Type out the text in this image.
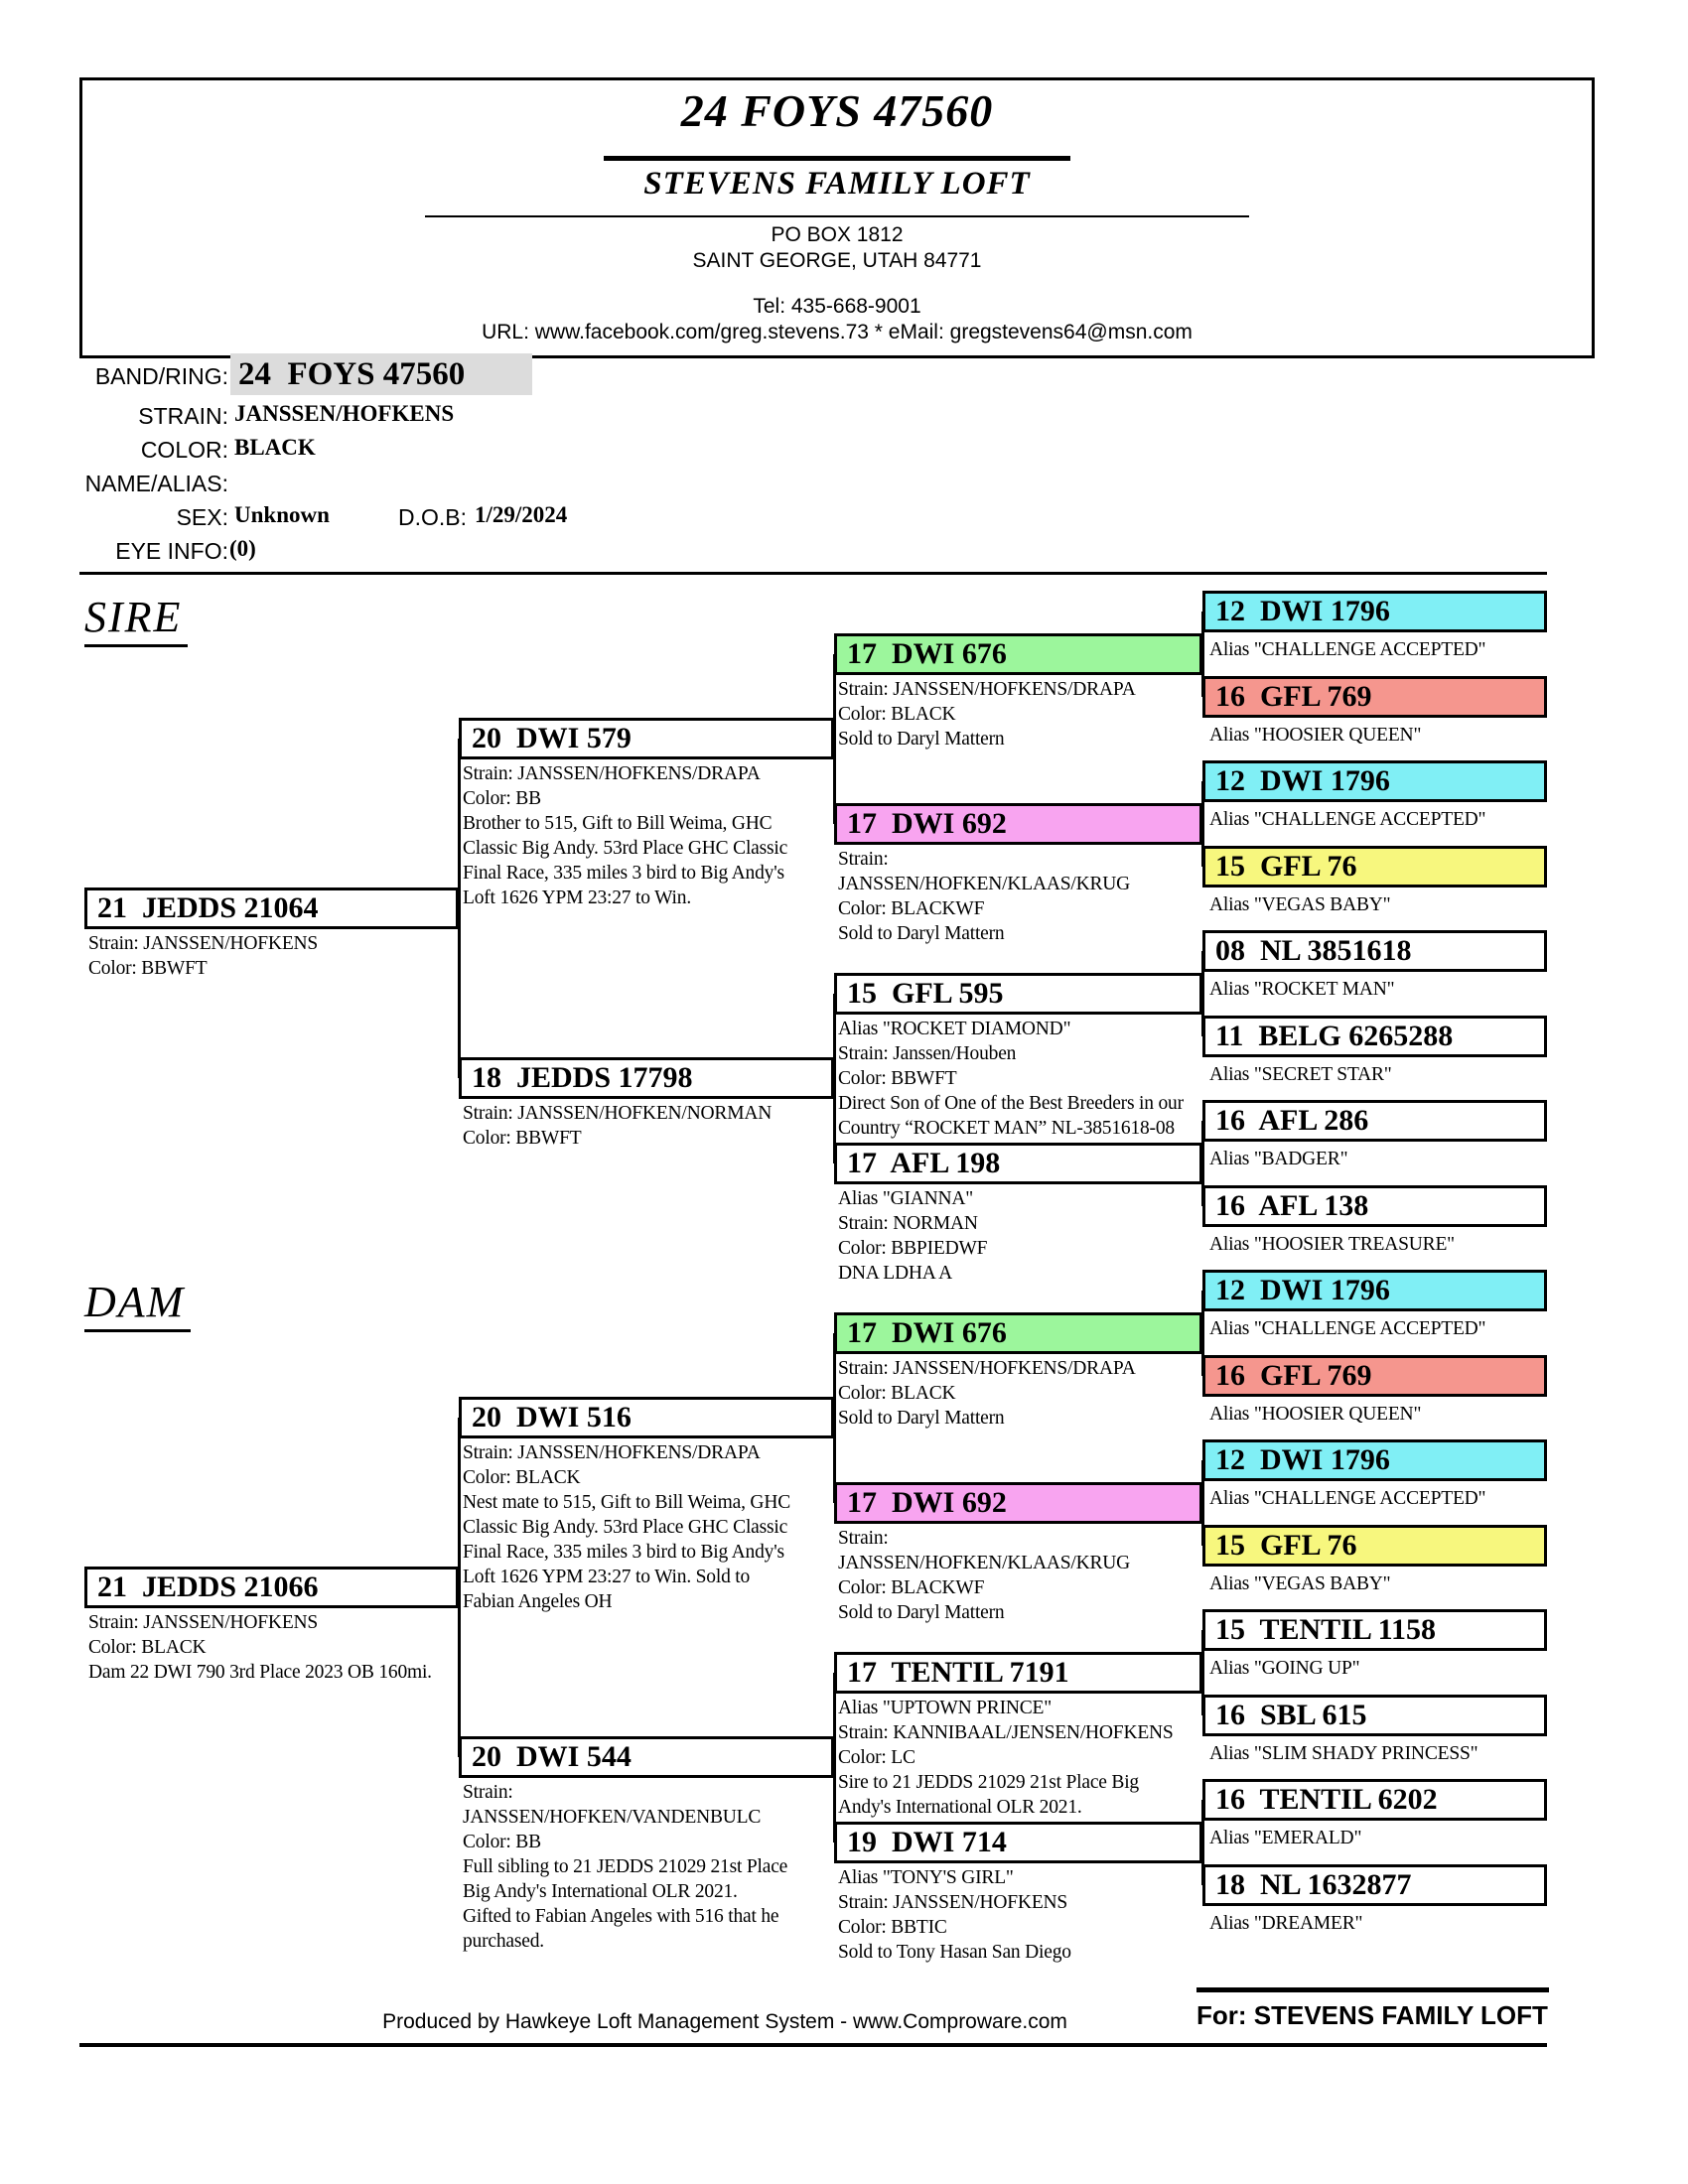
24 FOYS 47560
STEVENS FAMILY LOFT
PO BOX 1812
SAINT GEORGE, UTAH 84771
Tel: 435-668-9001
URL: www.facebook.com/greg.stevens.73 * eMail: gregstevens64@msn.com
BAND/RING: 24  FOYS 47560
STRAIN: JANSSEN/HOFKENS
COLOR: BLACK
NAME/ALIAS:
SEX: Unknown	D.O.B: 1/29/2024
EYE INFO: (0)
SIRE
DAM
21  JEDDS 21064
Strain: JANSSEN/HOFKENS
Color: BBWFT
21  JEDDS 21066
Strain: JANSSEN/HOFKENS
Color: BLACK
Dam 22 DWI 790 3rd Place 2023 OB 160mi.
20  DWI 579
Strain: JANSSEN/HOFKENS/DRAPA
Color: BB
Brother to 515, Gift to Bill Weima, GHC
Classic Big Andy. 53rd Place GHC Classic
Final Race, 335 miles 3 bird to Big Andy's
Loft 1626 YPM 23:27 to Win.
18  JEDDS 17798
Strain: JANSSEN/HOFKEN/NORMAN
Color: BBWFT
20  DWI 516
Strain: JANSSEN/HOFKENS/DRAPA
Color: BLACK
Nest mate to 515, Gift to Bill Weima, GHC
Classic Big Andy. 53rd Place GHC Classic
Final Race, 335 miles 3 bird to Big Andy's
Loft 1626 YPM 23:27 to Win. Sold to
Fabian Angeles OH
20  DWI 544
Strain:
JANSSEN/HOFKEN/VANDENBULC
Color: BB
Full sibling to 21 JEDDS 21029 21st Place
Big Andy's International OLR 2021.
Gifted to Fabian Angeles with 516 that he
purchased.
17  DWI 676
Strain: JANSSEN/HOFKENS/DRAPA
Color: BLACK
Sold to Daryl Mattern
17  DWI 692
Strain:
JANSSEN/HOFKEN/KLAAS/KRUG
Color: BLACKWF
Sold to Daryl Mattern
15  GFL 595
Alias "ROCKET DIAMOND"
Strain: Janssen/Houben
Color: BBWFT
Direct Son of One of the Best Breeders in our
Country “ROCKET MAN” NL-3851618-08
17  AFL 198
Alias "GIANNA"
Strain: NORMAN
Color: BBPIEDWF
DNA LDHA A
17  DWI 676
Strain: JANSSEN/HOFKENS/DRAPA
Color: BLACK
Sold to Daryl Mattern
17  DWI 692
Strain:
JANSSEN/HOFKEN/KLAAS/KRUG
Color: BLACKWF
Sold to Daryl Mattern
17  TENTIL 7191
Alias "UPTOWN PRINCE"
Strain: KANNIBAAL/JENSEN/HOFKENS
Color: LC
Sire to 21 JEDDS 21029 21st Place Big
Andy's International OLR 2021.
19  DWI 714
Alias "TONY'S GIRL"
Strain: JANSSEN/HOFKENS
Color: BBTIC
Sold to Tony Hasan San Diego
12  DWI 1796
Alias "CHALLENGE ACCEPTED"
16  GFL 769
Alias "HOOSIER QUEEN"
12  DWI 1796
Alias "CHALLENGE ACCEPTED"
15  GFL 76
Alias "VEGAS BABY"
08  NL 3851618
Alias "ROCKET MAN"
11  BELG 6265288
Alias "SECRET STAR"
16  AFL 286
Alias "BADGER"
16  AFL 138
Alias "HOOSIER TREASURE"
12  DWI 1796
Alias "CHALLENGE ACCEPTED"
16  GFL 769
Alias "HOOSIER QUEEN"
12  DWI 1796
Alias "CHALLENGE ACCEPTED"
15  GFL 76
Alias "VEGAS BABY"
15  TENTIL 1158
Alias "GOING UP"
16  SBL 615
Alias "SLIM SHADY PRINCESS"
16  TENTIL 6202
Alias "EMERALD"
18  NL 1632877
Alias "DREAMER"
Produced by Hawkeye Loft Management System - www.Comproware.com	For: STEVENS FAMILY LOFT
